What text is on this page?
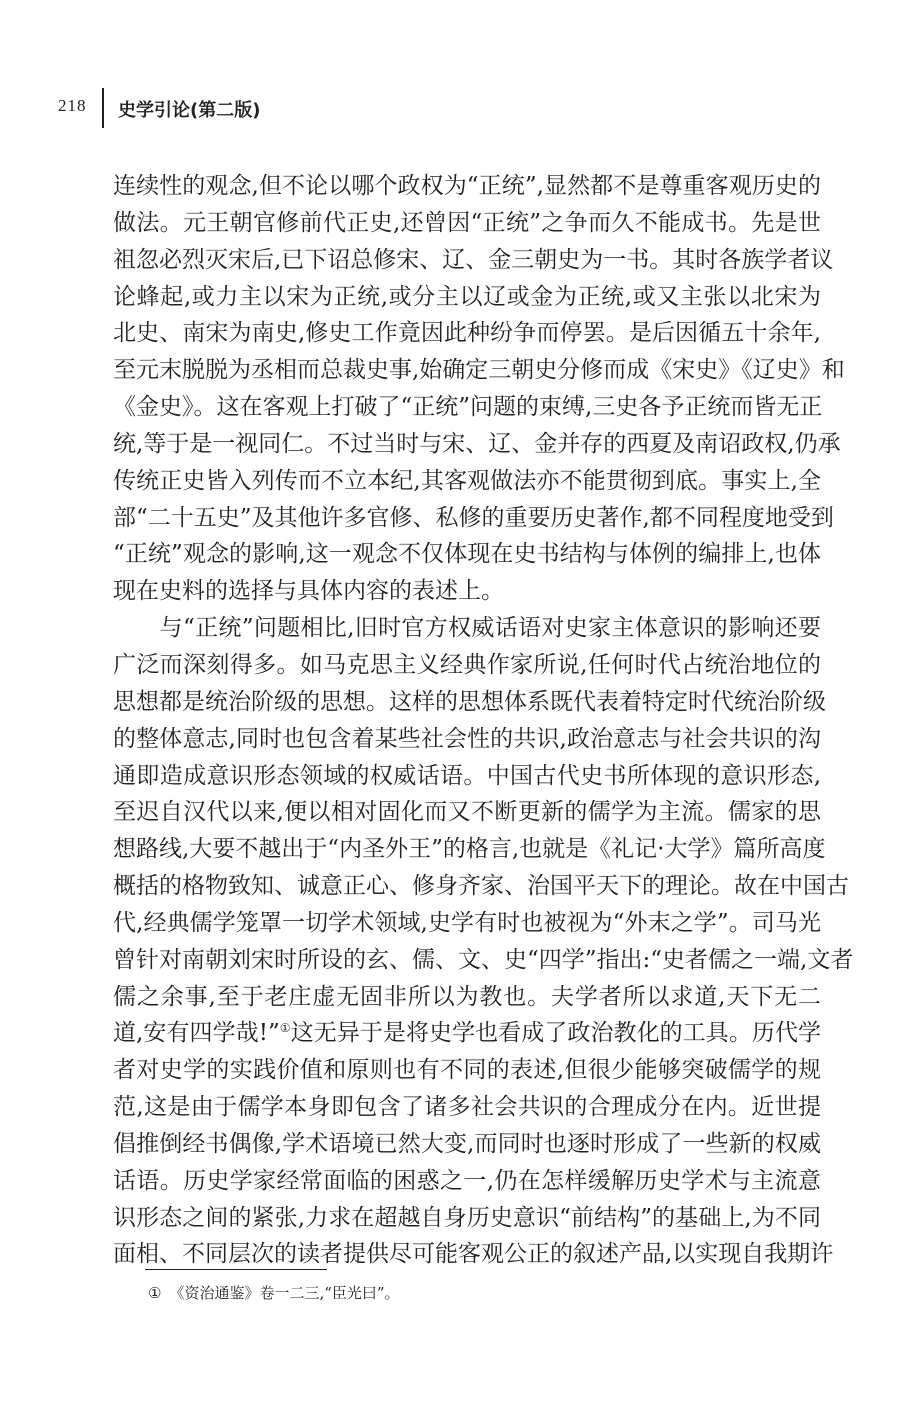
218 史学引论(第二版)
连续性的观念,但不论以哪个政权为“正统”,显然都不是尊重客观历史的
做法。元王朝官修前代正史,还曾因“正统”之争而久不能成书。先是世
祖忽必烈灭宋后,已下诏总修宋、辽、金三朝史为一书。其时各族学者议
论蜂起,或力主以宋为正统,或分主以辽或金为正统,或又主张以北宋为
北史、南宋为南史,修史工作竟因此种纷争而停罢。是后因循五十余年,
至元末脱脱为丞相而总裁史事,始确定三朝史分修而成《宋史》《辽史》和
《金史》。这在客观上打破了“正统”问题的束缚,三史各予正统而皆无正
统,等于是一视同仁。不过当时与宋、辽、金并存的西夏及南诏政权,仍承
传统正史皆入列传而不立本纪,其客观做法亦不能贯彻到底。事实上,全
部“二十五史”及其他许多官修、私修的重要历史著作,都不同程度地受到
“正统”观念的影响,这一观念不仅体现在史书结构与体例的编排上,也体
现在史料的选择与具体内容的表述上。
　　与“正统”问题相比,旧时官方权威话语对史家主体意识的影响还要
广泛而深刻得多。如马克思主义经典作家所说,任何时代占统治地位的
思想都是统治阶级的思想。这样的思想体系既代表着特定时代统治阶级
的整体意志,同时也包含着某些社会性的共识,政治意志与社会共识的沟
通即造成意识形态领域的权威话语。中国古代史书所体现的意识形态,
至迟自汉代以来,便以相对固化而又不断更新的儒学为主流。儒家的思
想路线,大要不越出于“内圣外王”的格言,也就是《礼记·大学》篇所高度
概括的格物致知、诚意正心、修身齐家、治国平天下的理论。故在中国古
代,经典儒学笼罩一切学术领域,史学有时也被视为“外末之学”。司马光
曾针对南朝刘宋时所设的玄、儒、文、史“四学”指出:“史者儒之一端,文者
儒之余事,至于老庄虚无固非所以为教也。夫学者所以求道,天下无二
道,安有四学哉!”①这无异于是将史学也看成了政治教化的工具。历代学
者对史学的实践价值和原则也有不同的表述,但很少能够突破儒学的规
范,这是由于儒学本身即包含了诸多社会共识的合理成分在内。近世提
倡推倒经书偶像,学术语境已然大变,而同时也逐时形成了一些新的权威
话语。历史学家经常面临的困惑之一,仍在怎样缓解历史学术与主流意
识形态之间的紧张,力求在超越自身历史意识“前结构”的基础上,为不同
面相、不同层次的读者提供尽可能客观公正的叙述产品,以实现自我期许
① 《资治通鉴》卷一二三,“臣光曰”。
